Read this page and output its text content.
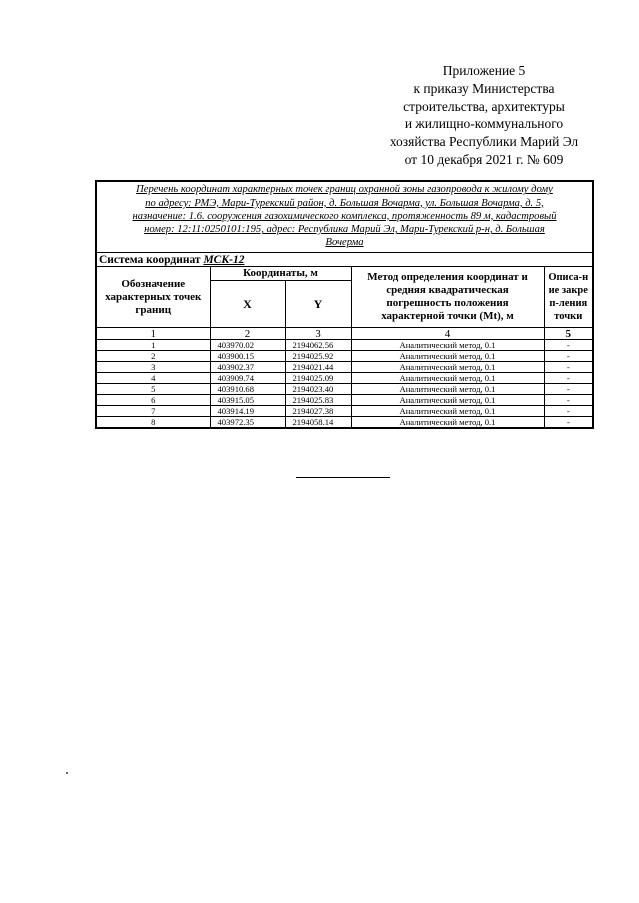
Приложение 5
к приказу Министерства
строительства, архитектуры
и жилищно-коммунального
хозяйства Республики Марий Эл
от 10 декабря 2021 г. № 609
Перечень координат характерных точек границ охранной зоны газопровода к жилому дому
по адресу: РМЭ, Мари-Турекский район, д. Большая Вочарма, ул. Большая Вочарма, д. 5,
назначение: 1.6. сооружения газохимического комплекса, протяженность 89 м, кадастровый
номер: 12:11:0250101:195, адрес: Республика Марий Эл, Мари-Турекский р-н, д. Большая
Вочерма				

Система координат МСК-12				
Обозначение характерных точек границ	Координаты, м		Метод определения координат и средняя квадратическая погрешность положения характерной точки (Mt), м	Описа-ние закреп-ления точки

	X	Y		
1	2	3	4	5
1	403970.02	2194062.56	Аналитический метод, 0.1	-
2	403900.15	2194025.92	Аналитический метод, 0.1	-
3	403902.37	2194021.44	Аналитический метод, 0.1	-
4	403909.74	2194025.09	Аналитический метод, 0.1	-
5	403910.68	2194023.40	Аналитический метод, 0.1	-
6	403915.05	2194025.83	Аналитический метод, 0.1	-
7	403914.19	2194027.38	Аналитический метод, 0.1	-
8	403972.35	2194058.14	Аналитический метод, 0.1	-
